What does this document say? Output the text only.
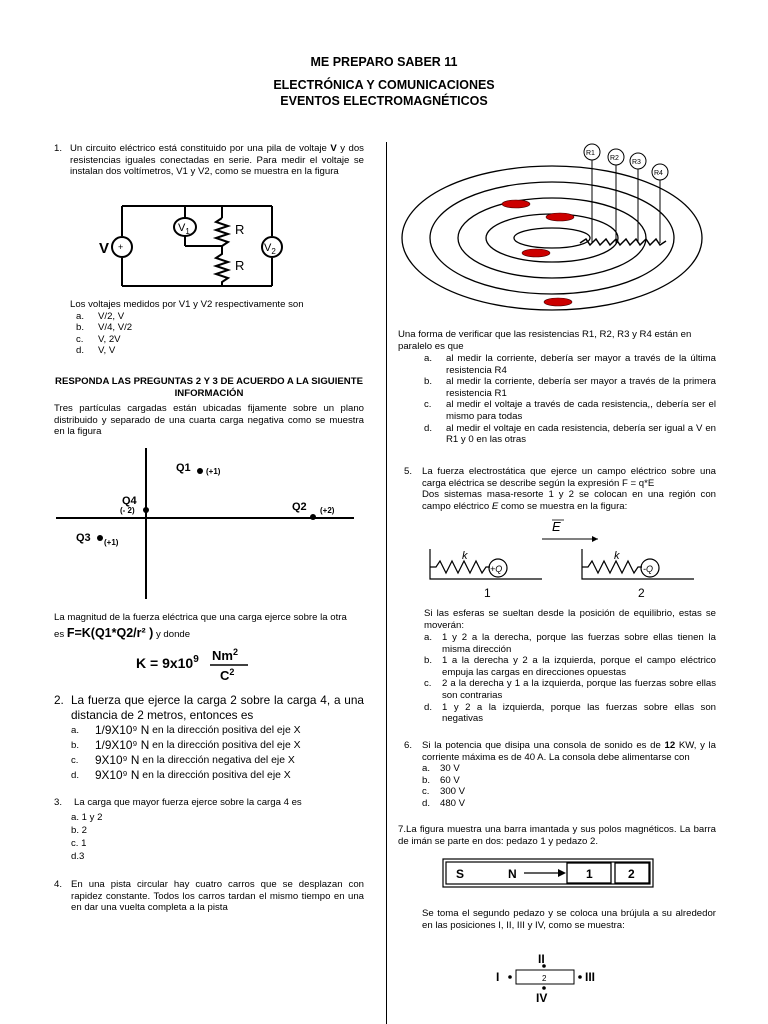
ME PREPARO SABER 11
ELECTRÓNICA Y COMUNICACIONES
EVENTOS ELECTROMAGNÉTICOS
1. Un circuito eléctrico está constituido por una pila de voltaje V y dos resistencias iguales conectadas en serie. Para medir el voltaje se instalan dos voltímetros, V1 y V2, como se muestra en la figura
V +
$V_1$
$V_2$
R
R
Los voltajes medidos por V1 y V2 respectivamente son
a.	V/2, V
b.	V/4, V/2
c.	V, 2V
d.	V, V
RESPONDA LAS PREGUNTAS 2 Y 3 DE ACUERDO A LA SIGUIENTE
INFORMACIÓN
Tres partículas cargadas están ubicadas fijamente sobre un plano distribuido y separado de una cuarta carga negativa como se muestra en la figura
Q1 (+1)
Q2 (+2)
Q3 (+1)
Q4
(- 2)
La magnitud de la fuerza eléctrica que una carga ejerce sobre la otra
es F=K(Q1*Q2/r² ) y donde
$K = 9x10^9$ Nm$^2$
$C^2$
2. La fuerza que ejerce la carga 2 sobre la carga 4, a una distancia de 2 metros, entonces es
a.	1/9X10⁹ N en la dirección positiva del eje X
b.	1/9X10⁹ N en la dirección positiva del eje X
c.	9X10⁹ N en la dirección negativa del eje X
d.	9X10⁹ N en la dirección positiva del eje X
3. La carga que mayor fuerza ejerce sobre la carga 4 es
a. 1 y 2
b. 2
c. 1
d.3
4. En una pista circular hay cuatro carros que se desplazan con rapidez constante. Todos los carros tardan el mismo tiempo en una en dar una vuelta completa a la pista
R1
R2
R3
R4
Una forma de verificar que las resistencias R1, R2, R3 y R4 están en paralelo es que
a.	al medir la corriente, debería ser mayor a través de la última resistencia R4
b.	al medir la corriente, debería ser mayor a través de la primera resistencia R1
c.	al medir el voltaje a través de cada resistencia,, debería ser el mismo para todas
d.	al medir el voltaje en cada resistencia, debería ser igual a V en R1 y 0 en las otras
5. La fuerza electrostática que ejerce un campo eléctrico sobre una carga eléctrica se describe según la expresión F = q*E
Dos sistemas masa-resorte 1 y 2 se colocan en una región con campo eléctrico E como se muestra en la figura:
E
k	k
+Q	-Q
1	2
Si las esferas se sueltan desde la posición de equilibrio, estas se moverán:
a.	1 y 2 a la derecha, porque las fuerzas sobre ellas tienen la misma dirección
b.	1 a la derecha y 2 a la izquierda, porque el campo eléctrico empuja las cargas en direcciones opuestas
c.	2 a la derecha y 1 a la izquierda, porque las fuerzas sobre ellas son contrarias
d.	1 y 2 a la izquierda, porque las fuerzas sobre ellas son negativas
6. Si la potencia que disipa una consola de sonido es de 12 KW, y la corriente máxima es de 40 A. La consola debe alimentarse con
a.	30 V
b.	60 V
c.	300 V
d.	480 V
7.La figura muestra una barra imantada y sus polos magnéticos. La barra de imán se parte en dos: pedazo 1 y pedazo 2.
S	N	1	2
Se toma el segundo pedazo y se coloca una brújula a su alrededor en las posiciones I, II, III y IV, como se muestra:
II
I	III
IV
2
